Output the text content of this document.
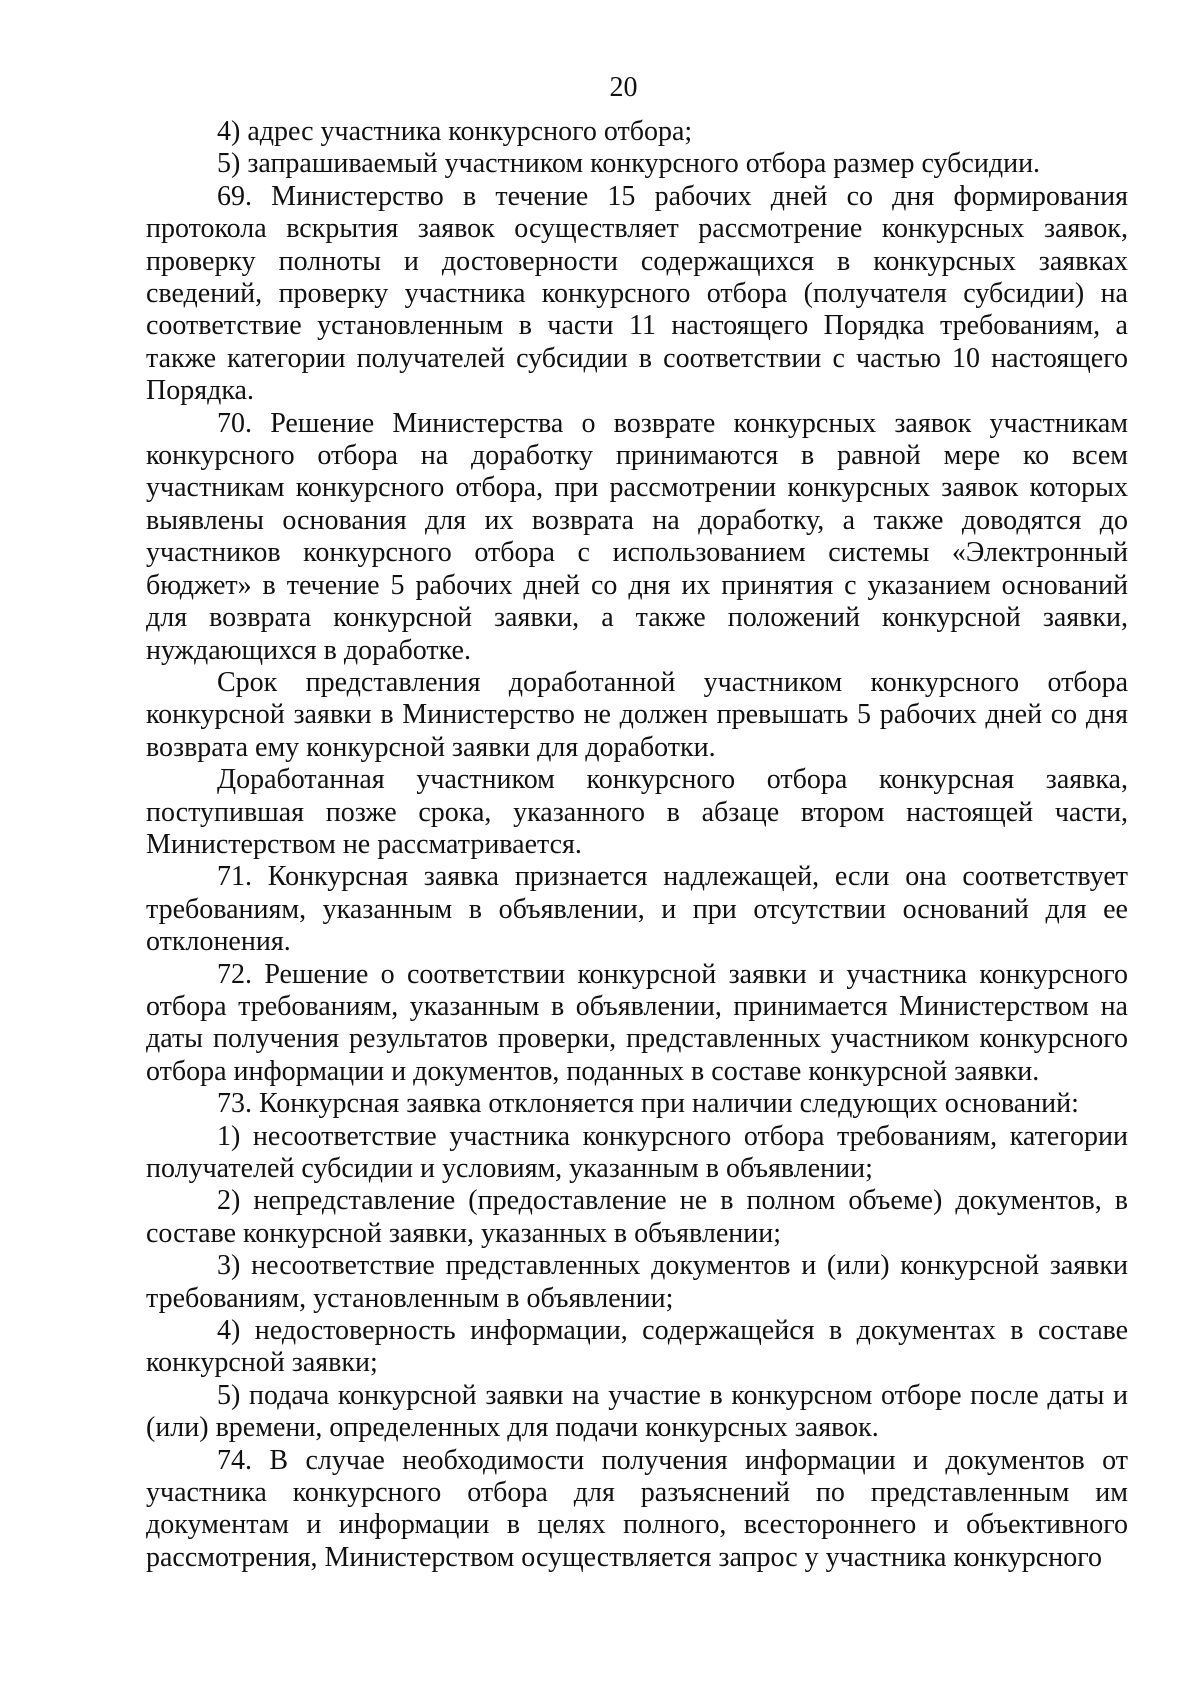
20

4) адрес участника конкурсного отбора;

5) запрашиваемый участником конкурсного отбора размер субсидии.

69. Министерство в течение 15 рабочих дней со дня формирования протокола вскрытия заявок осуществляет рассмотрение конкурсных заявок, проверку полноты и достоверности содержащихся в конкурсных заявках сведений, проверку участника конкурсного отбора (получателя субсидии) на соответствие установленным в части 11 настоящего Порядка требованиям, а также категории получателей субсидии в соответствии с частью 10 настоящего Порядка.

70. Решение Министерства о возврате конкурсных заявок участникам конкурсного отбора на доработку принимаются в равной мере ко всем участникам конкурсного отбора, при рассмотрении конкурсных заявок которых выявлены основания для их возврата на доработку, а также доводятся до участников конкурсного отбора с использованием системы «Электронный бюджет» в течение 5 рабочих дней со дня их принятия с указанием оснований для возврата конкурсной заявки, а также положений конкурсной заявки, нуждающихся в доработке.

Срок представления доработанной участником конкурсного отбора конкурсной заявки в Министерство не должен превышать 5 рабочих дней со дня возврата ему конкурсной заявки для доработки.

Доработанная участником конкурсного отбора конкурсная заявка, поступившая позже срока, указанного в абзаце втором настоящей части, Министерством не рассматривается.

71. Конкурсная заявка признается надлежащей, если она соответствует требованиям, указанным в объявлении, и при отсутствии оснований для ее отклонения.

72. Решение о соответствии конкурсной заявки и участника конкурсного отбора требованиям, указанным в объявлении, принимается Министерством на даты получения результатов проверки, представленных участником конкурсного отбора информации и документов, поданных в составе конкурсной заявки.

73. Конкурсная заявка отклоняется при наличии следующих оснований:

1) несоответствие участника конкурсного отбора требованиям, категории получателей субсидии и условиям, указанным в объявлении;

2) непредставление (предоставление не в полном объеме) документов, в составе конкурсной заявки, указанных в объявлении;

3) несоответствие представленных документов и (или) конкурсной заявки требованиям, установленным в объявлении;

4) недостоверность информации, содержащейся в документах в составе конкурсной заявки;

5) подача конкурсной заявки на участие в конкурсном отборе после даты и (или) времени, определенных для подачи конкурсных заявок.

74. В случае необходимости получения информации и документов от участника конкурсного отбора для разъяснений по представленным им документам и информации в целях полного, всестороннего и объективного рассмотрения, Министерством осуществляется запрос у участника конкурсного
